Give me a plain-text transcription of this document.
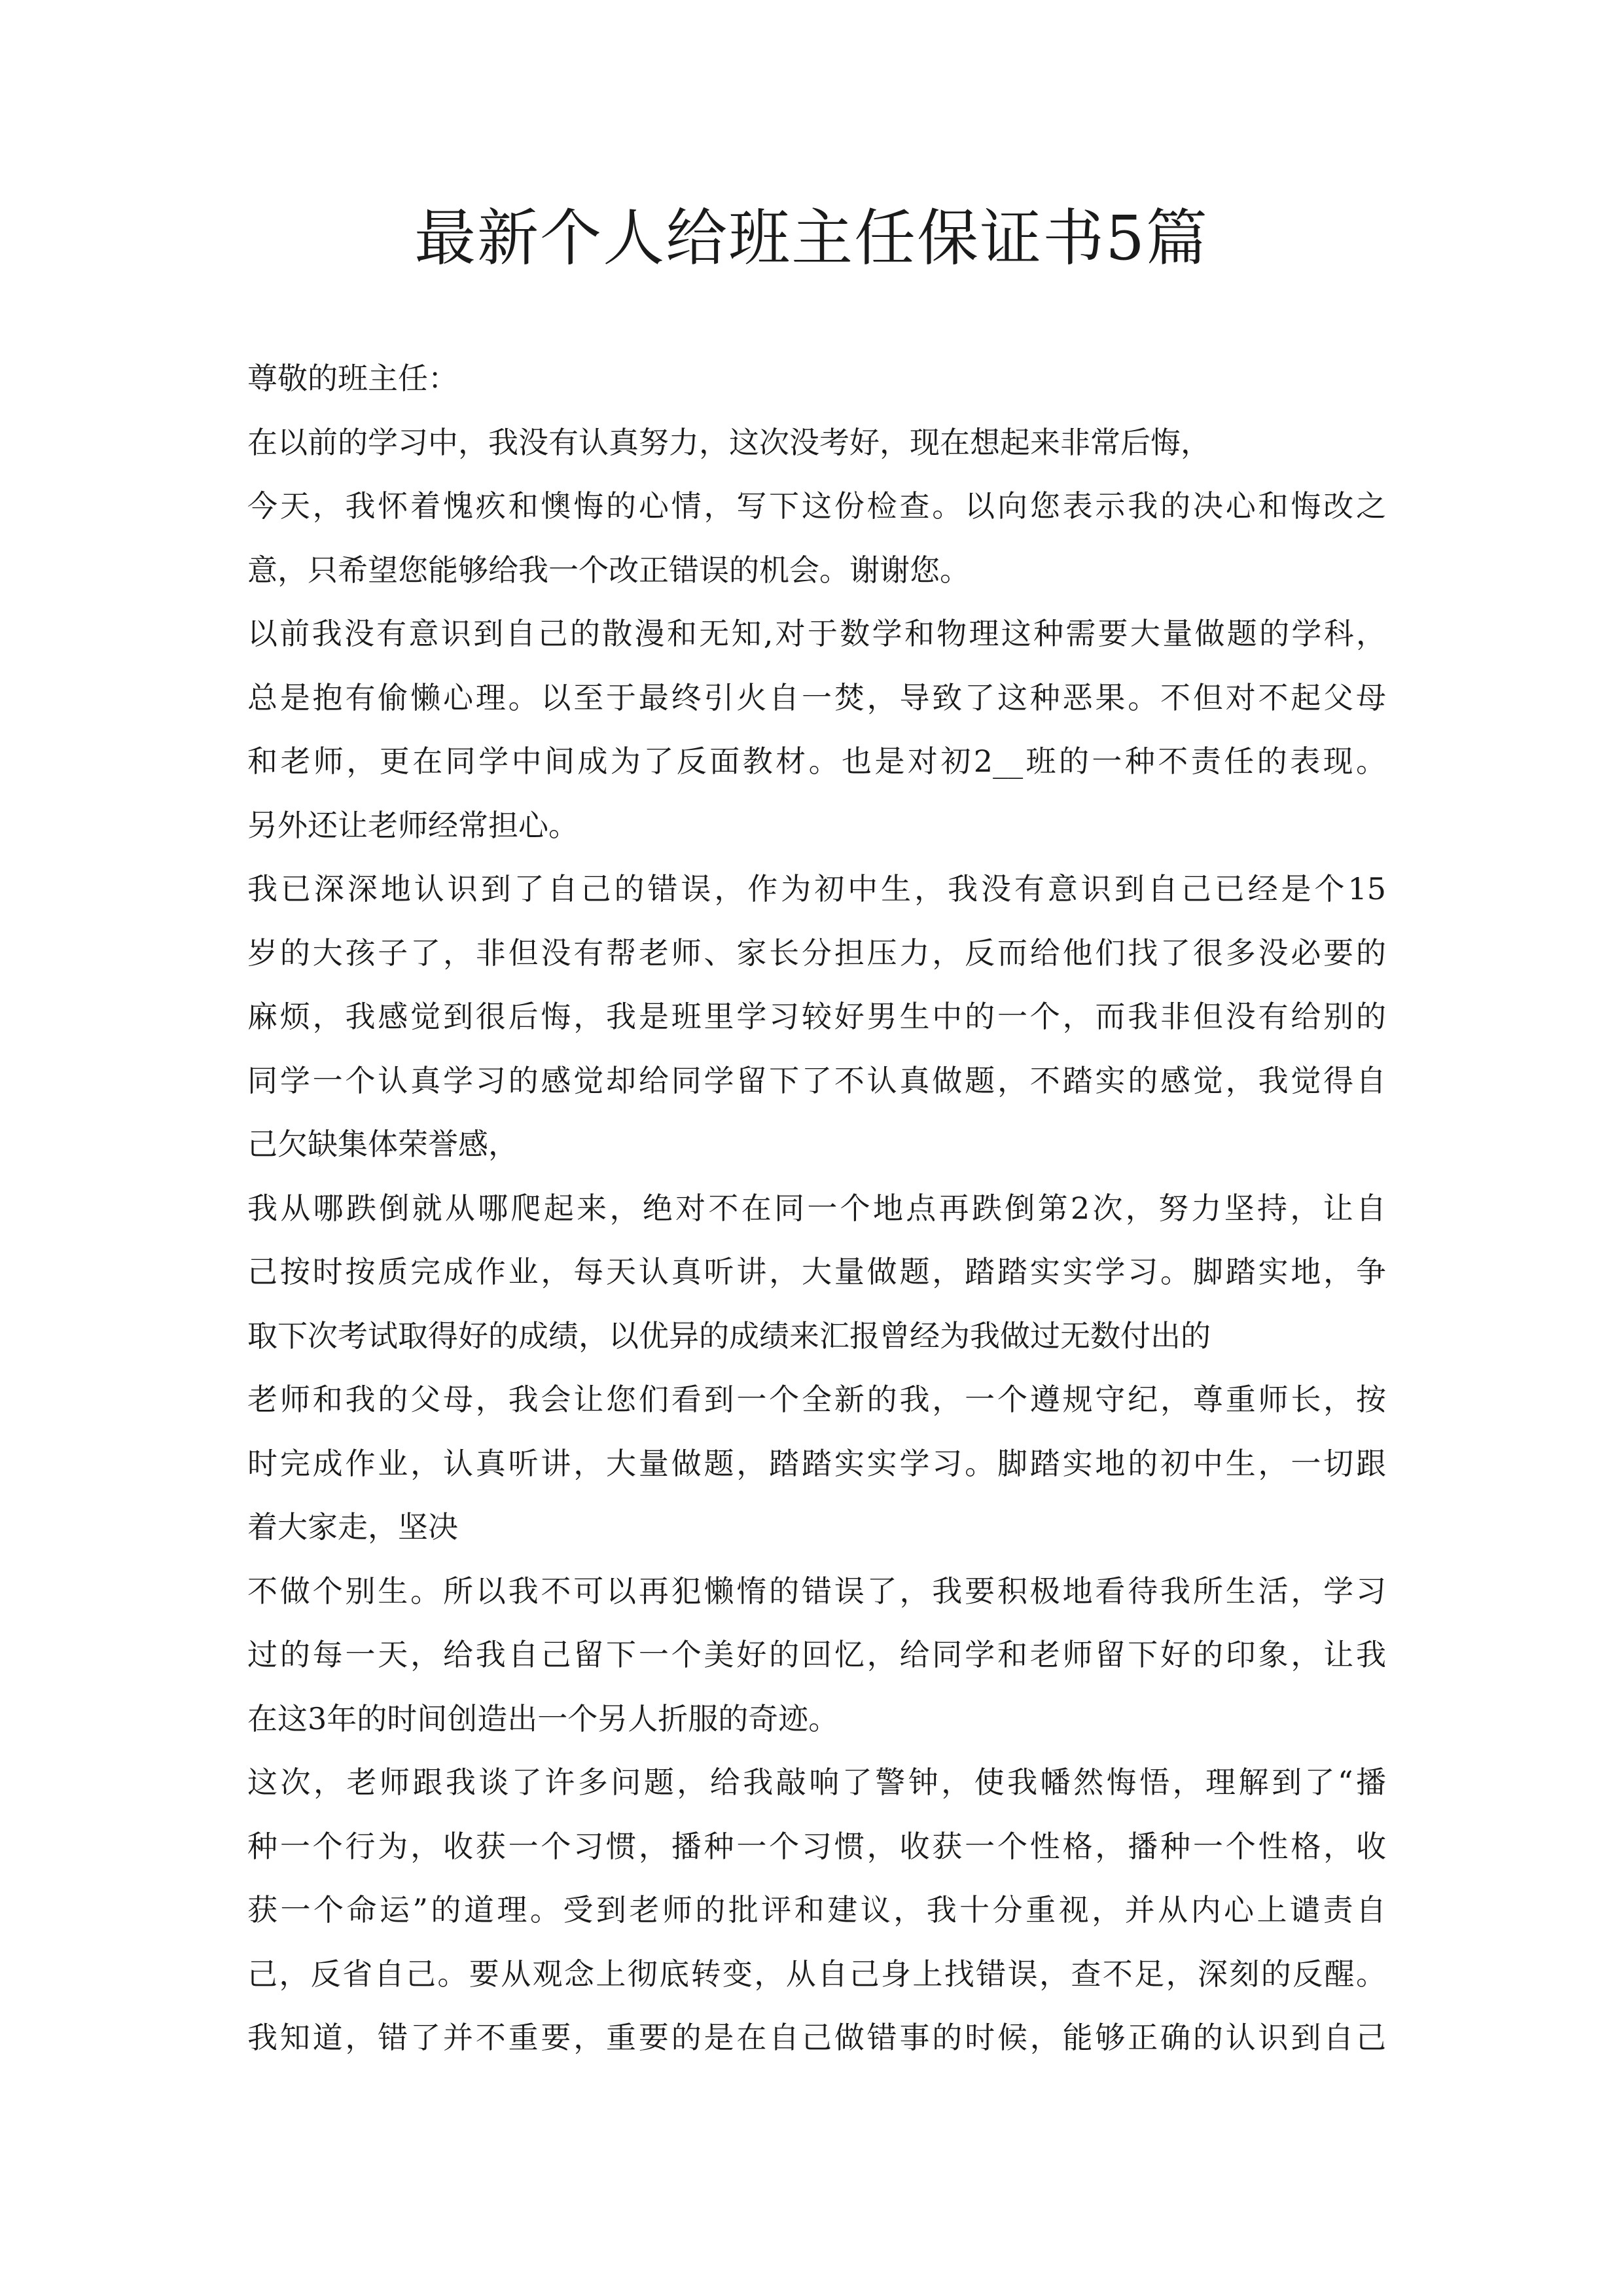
最新个人给班主任保证书5篇
尊敬的班主任：
在以前的学习中，我没有认真努力，这次没考好，现在想起来非常后悔，
今天，我怀着愧疚和懊悔的心情，写下这份检查。以向您表示我的决心和悔改之
意，只希望您能够给我一个改正错误的机会。谢谢您。
以前我没有意识到自己的散漫和无知,对于数学和物理这种需要大量做题的学科，
总是抱有偷懒心理。以至于最终引火自一焚，导致了这种恶果。不但对不起父母
和老师，更在同学中间成为了反面教材。也是对初2__班的一种不责任的表现。
另外还让老师经常担心。
我已深深地认识到了自己的错误，作为初中生，我没有意识到自己已经是个15
岁的大孩子了，非但没有帮老师、家长分担压力，反而给他们找了很多没必要的
麻烦，我感觉到很后悔，我是班里学习较好男生中的一个，而我非但没有给别的
同学一个认真学习的感觉却给同学留下了不认真做题，不踏实的感觉，我觉得自
己欠缺集体荣誉感，
我从哪跌倒就从哪爬起来，绝对不在同一个地点再跌倒第2次，努力坚持，让自
己按时按质完成作业，每天认真听讲，大量做题，踏踏实实学习。脚踏实地，争
取下次考试取得好的成绩，以优异的成绩来汇报曾经为我做过无数付出的
老师和我的父母，我会让您们看到一个全新的我，一个遵规守纪，尊重师长，按
时完成作业，认真听讲，大量做题，踏踏实实学习。脚踏实地的初中生，一切跟
着大家走，坚决
不做个别生。所以我不可以再犯懒惰的错误了，我要积极地看待我所生活，学习
过的每一天，给我自己留下一个美好的回忆，给同学和老师留下好的印象，让我
在这3年的时间创造出一个另人折服的奇迹。
这次，老师跟我谈了许多问题，给我敲响了警钟，使我幡然悔悟，理解到了“播
种一个行为，收获一个习惯，播种一个习惯，收获一个性格，播种一个性格，收
获一个命运”的道理。受到老师的批评和建议，我十分重视，并从内心上谴责自
己，反省自己。要从观念上彻底转变，从自己身上找错误，查不足，深刻的反醒。
我知道，错了并不重要，重要的是在自己做错事的时候，能够正确的认识到自己
